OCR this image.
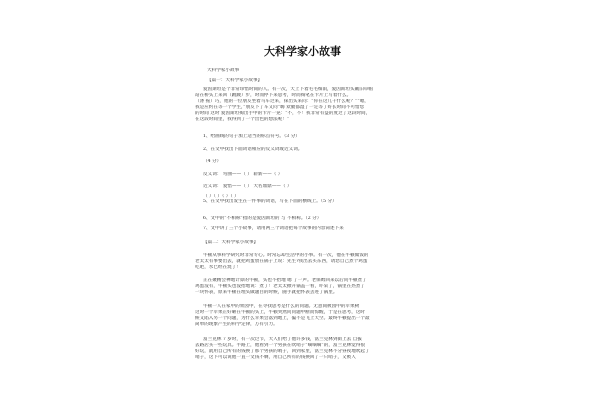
大科学家小故事
大科学家小故事
【篇一：大科学家小故事】
爱因斯坦是个非常珍惜时间的人。有一次，天上下着毛毛细雨，爱因斯坦头戴旧草帽
站在桥头上来回（踱踱）步，时而停下来思考，时而掏笔在卡片上写着什么。
（涤 振）巧，他的一位朋友坐着马车过来，探出头来问：“你在这儿干什么呢？”“嗯，
我是应约在等一个学生，”朋友下了车又问“嗨 欢腿都湿了一定等了好长时间不可惜您
的时间 这时 爱因斯坦掏出手中的卡片一晃：“不，不！我非常有益的度过了这段时间，
在这段时间里，我得到了一个出色的想法呢！”
1、给画线的句子加上适当的标点符号。（3 分）
2、在文中找出下面词语相应的反义词或近义词。
（4 分）
反义词： 弯曲——（ ） 崭新——（ ）
近义词： 爱惜——（ ） 大名鼎鼎——（ ）
（ ）（ ）（ ）（ ）
5、在文中找出发生在一件事的词语，写在下面的横线上。（5 分）
6、文中的“不相称”指的是爱因斯坦的 与 不相称。（2 分）
7、文中讲了三个小故事，请用两三个词语把每个故事的内容简述下来
【篇二：大科学家小故事】
牛顿从事科学研究时非常专心。时常忘却生活中的小事。有一次，他在牛顿做饭的
老太太有事要出去，就把鸡蛋放在锅子上说：先生?我出去买东西，请您自己煮个鸡蛋
吃吧，水已经在烧了！
正在聚精会神地计算的牛顿，头也不抬地 嗯 了一声。老保姆回来以后问牛顿煮了
鸡蛋没有，牛顿头也没抬地说：煮了！老太太掀开锅盖一看，吓呆了，锅里在热煮了
一块怀表，原来牛顿在埋头做题目的时候，随手就把怀表丢进了锅里。
牛顿一人在家中的果园中，在寻找思考是什么的问题。无意间被园中的苹果树
这时一个苹果正好砸在牛顿的头上，牛顿突然问问题中断而惊醒，于是在思考，这时
候又陷入另一个问题，为什么苹果会落到地上，偏不是飞上天空。最终牛顿提出一个最
简单的现象产生的科学定律，万有引力。
富兰克林 7 岁时，有一次过节，大人们给了他许多钱，富兰克林到街上去 自拔
去路店买一些玩具。半路上，他看到一个男孩在吹哨子“嘀嘀嘀”的，富兰克林觉得很
好玩，就用自己所有的钱换了那个男孩的哨子，回到家里，富兰克林不分昼夜地吹起了
哨子，这下可以说他一直一文钱不剩，用自己所有的钱换回了一只哨子，又被人
